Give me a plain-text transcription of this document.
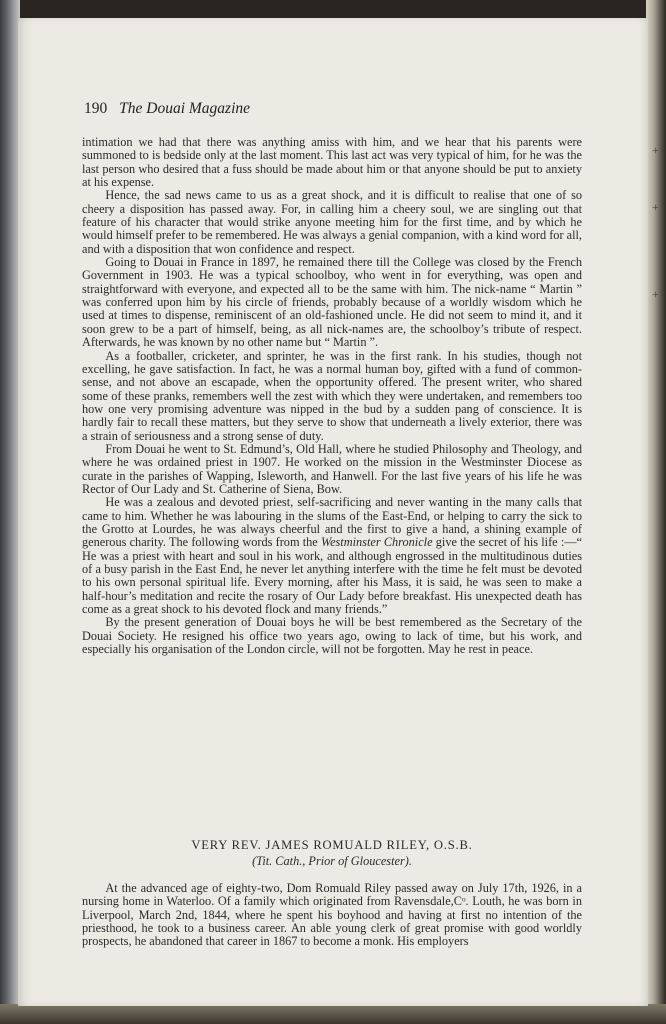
190 The Douai Magazine

intimation we had that there was anything amiss with him, and we hear that his parents were summoned to is bedside only at the last moment. This last act was very typical of him, for he was the last person who desired that a fuss should be made about him or that anyone should be put to anxiety at his expense.

Hence, the sad news came to us as a great shock, and it is difficult to realise that one of so cheery a disposition has passed away. For, in calling him a cheery soul, we are singling out that feature of his character that would strike anyone meeting him for the first time, and by which he would himself prefer to be remembered. He was always a genial companion, with a kind word for all, and with a disposition that won confidence and respect.

Going to Douai in France in 1897, he remained there till the College was closed by the French Government in 1903. He was a typical schoolboy, who went in for everything, was open and straightforward with everyone, and expected all to be the same with him. The nick-name “ Martin ” was conferred upon him by his circle of friends, probably because of a worldly wisdom which he used at times to dispense, reminiscent of an old-fashioned uncle. He did not seem to mind it, and it soon grew to be a part of himself, being, as all nick-names are, the schoolboy’s tribute of respect. Afterwards, he was known by no other name but “ Martin ”.

As a footballer, cricketer, and sprinter, he was in the first rank. In his studies, though not excelling, he gave satisfaction. In fact, he was a normal human boy, gifted with a fund of common-sense, and not above an escapade, when the opportunity offered. The present writer, who shared some of these pranks, remembers well the zest with which they were undertaken, and remembers too how one very promising adventure was nipped in the bud by a sudden pang of conscience. It is hardly fair to recall these matters, but they serve to show that underneath a lively exterior, there was a strain of seriousness and a strong sense of duty.

From Douai he went to St. Edmund’s, Old Hall, where he studied Philosophy and Theology, and where he was ordained priest in 1907. He worked on the mission in the Westminster Diocese as curate in the parishes of Wapping, Isleworth, and Hanwell. For the last five years of his life he was Rector of Our Lady and St. Catherine of Siena, Bow.

He was a zealous and devoted priest, self-sacrificing and never wanting in the many calls that came to him. Whether he was labouring in the slums of the East-End, or helping to carry the sick to the Grotto at Lourdes, he was always cheerful and the first to give a hand, a shining example of generous charity. The following words from the Westminster Chronicle give the secret of his life :—“ He was a priest with heart and soul in his work, and although engrossed in the multitudinous duties of a busy parish in the East End, he never let anything interfere with the time he felt must be devoted to his own personal spiritual life. Every morning, after his Mass, it is said, he was seen to make a half-hour’s meditation and recite the rosary of Our Lady before breakfast. His unexpected death has come as a great shock to his devoted flock and many friends.”

By the present generation of Douai boys he will be best remembered as the Secretary of the Douai Society. He resigned his office two years ago, owing to lack of time, but his work, and especially his organisation of the London circle, will not be forgotten. May he rest in peace.

VERY REV. JAMES ROMUALD RILEY, O.S.B.
(Tit. Cath., Prior of Gloucester).

At the advanced age of eighty-two, Dom Romuald Riley passed away on July 17th, 1926, in a nursing home in Waterloo. Of a family which originated from Ravensdale,Cᵒ. Louth, he was born in Liverpool, March 2nd, 1844, where he spent his boyhood and having at first no intention of the priesthood, he took to a business career. An able young clerk of great promise with good worldly prospects, he abandoned that career in 1867 to become a monk. His employers

+
+
+
